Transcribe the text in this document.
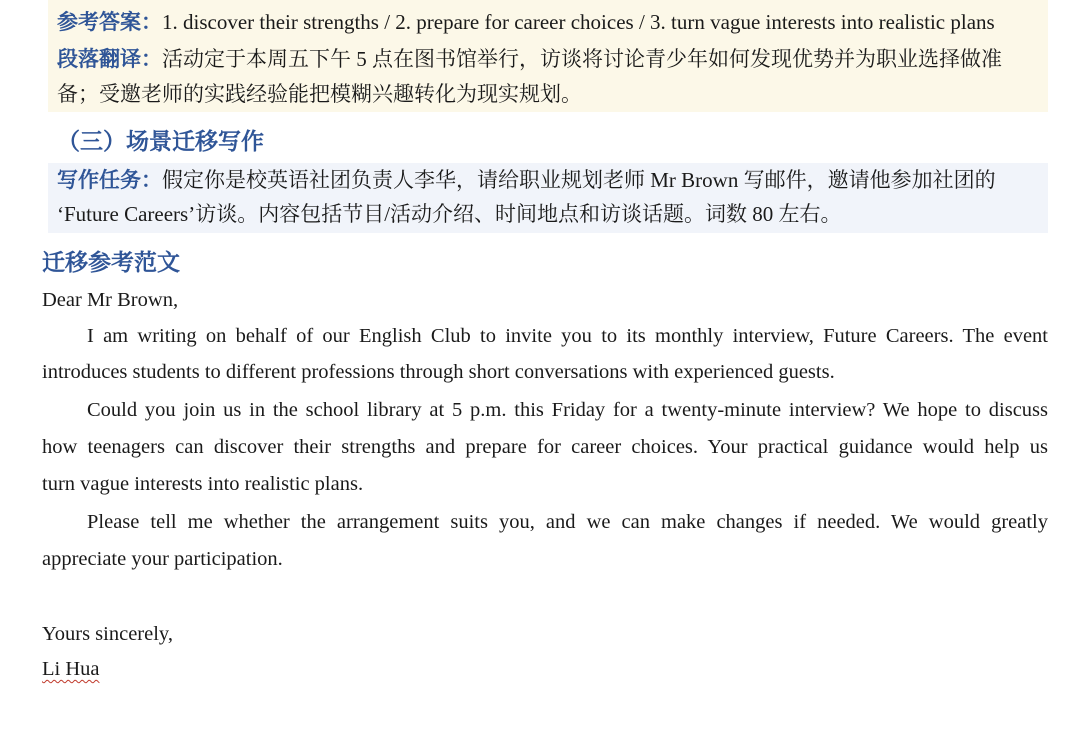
参考答案：1. discover their strengths / 2. prepare for career choices / 3. turn vague interests into realistic plans
段落翻译：活动定于本周五下午 5 点在图书馆举行，访谈将讨论青少年如何发现优势并为职业选择做准
备；受邀老师的实践经验能把模糊兴趣转化为现实规划。
（三）场景迁移写作
写作任务：假定你是校英语社团负责人李华，请给职业规划老师 Mr Brown 写邮件，邀请他参加社团的
‘Future Careers’访谈。内容包括节目/活动介绍、时间地点和访谈话题。词数 80 左右。
迁移参考范文
Dear Mr Brown,
I am writing on behalf of our English Club to invite you to its monthly interview, Future Careers. The event
introduces students to different professions through short conversations with experienced guests.
Could you join us in the school library at 5 p.m. this Friday for a twenty-minute interview? We hope to discuss
how teenagers can discover their strengths and prepare for career choices. Your practical guidance would help us
turn vague interests into realistic plans.
Please tell me whether the arrangement suits you, and we can make changes if needed. We would greatly
appreciate your participation.
Yours sincerely,
Li Hua
